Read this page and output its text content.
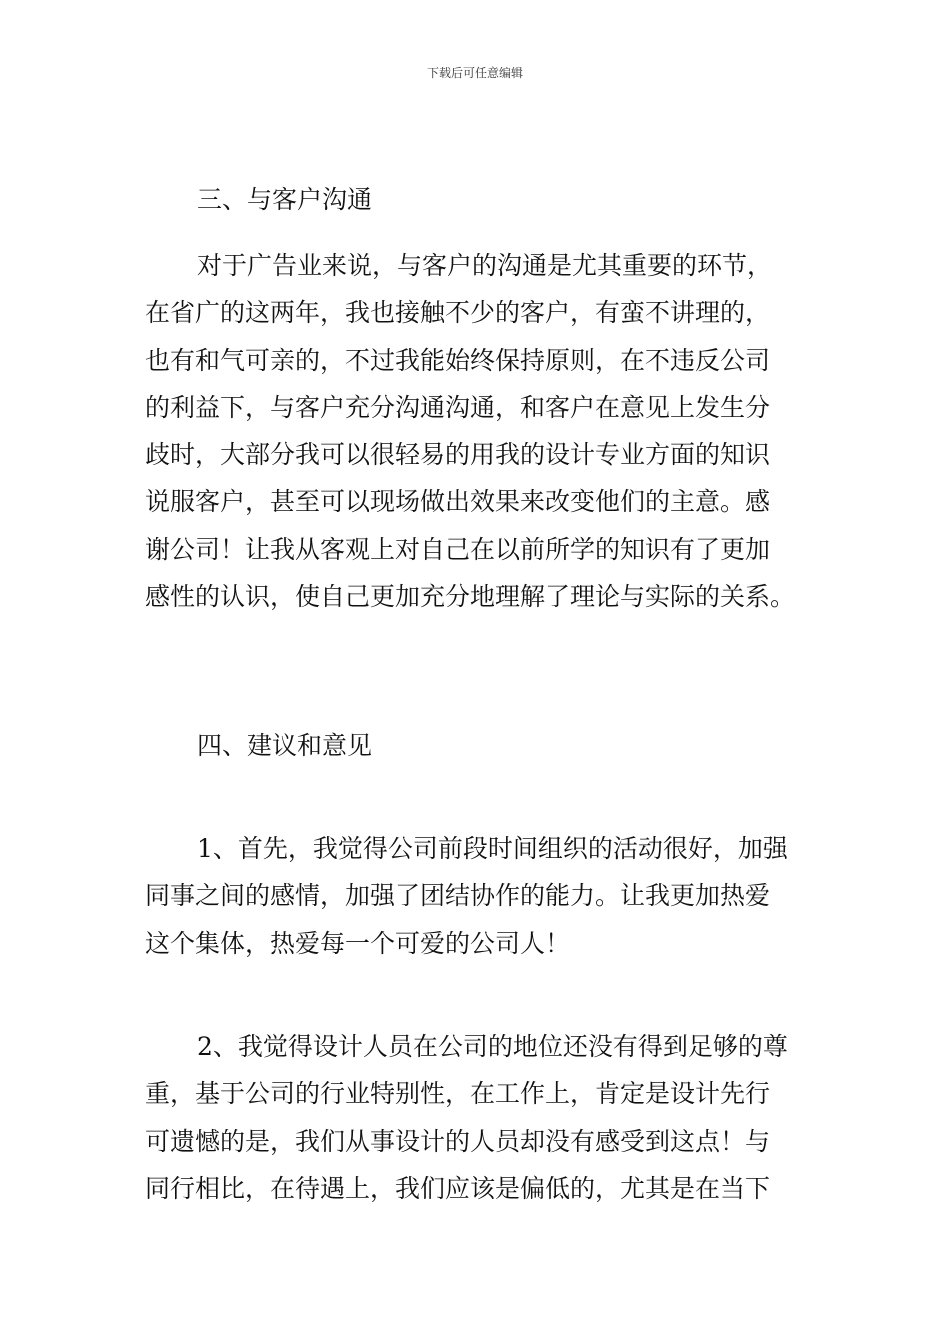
下载后可任意编辑
三、与客户沟通
对于广告业来说，与客户的沟通是尤其重要的环节，
在省广的这两年，我也接触不少的客户，有蛮不讲理的，
也有和气可亲的，不过我能始终保持原则，在不违反公司
的利益下，与客户充分沟通沟通，和客户在意见上发生分
歧时，大部分我可以很轻易的用我的设计专业方面的知识
说服客户，甚至可以现场做出效果来改变他们的主意。感
谢公司！让我从客观上对自己在以前所学的知识有了更加
感性的认识，使自己更加充分地理解了理论与实际的关系。
四、建议和意见
1、首先，我觉得公司前段时间组织的活动很好，加强
同事之间的感情，加强了团结协作的能力。让我更加热爱
这个集体，热爱每一个可爱的公司人！
2、我觉得设计人员在公司的地位还没有得到足够的尊
重，基于公司的行业特别性，在工作上，肯定是设计先行
可遗憾的是，我们从事设计的人员却没有感受到这点！与
同行相比，在待遇上，我们应该是偏低的，尤其是在当下
